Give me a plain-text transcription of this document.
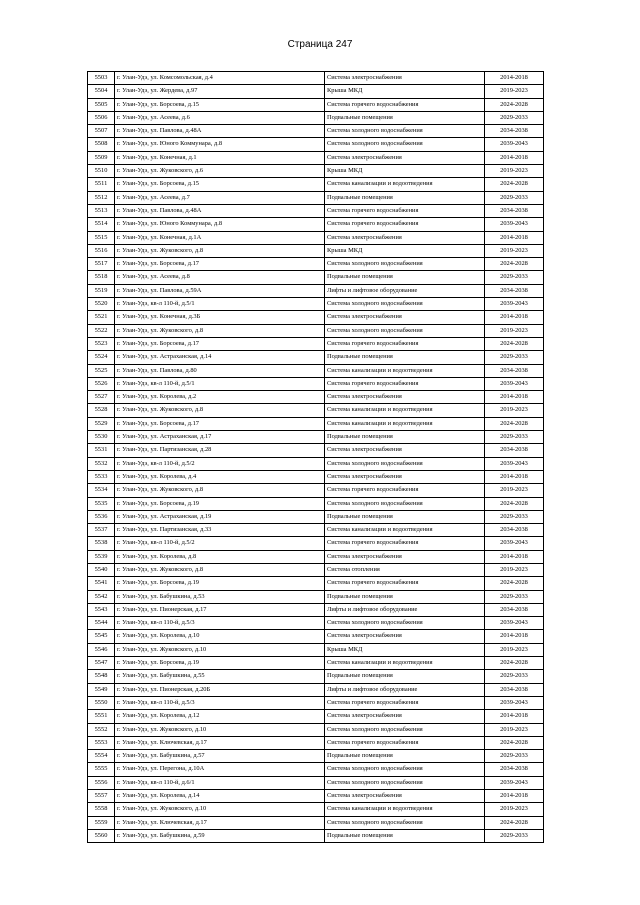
Страница 247
5503	г. Улан-Удэ, ул. Комсомольская, д.4	Система электроснабжения	2014-2018
5504	г. Улан-Удэ, ул. Жердева, д.97	Крыша МКД	2019-2023
5505	г. Улан-Удэ, ул. Борсоева, д.15	Система горячего водоснабжения	2024-2028
5506	г. Улан-Удэ, ул. Асеева, д.6	Подвальные помещения	2029-2033
5507	г. Улан-Удэ, ул. Павлова, д.48А	Система холодного водоснабжения	2034-2038
5508	г. Улан-Удэ, ул. Юного Коммунара, д.8	Система холодного водоснабжения	2039-2043
5509	г. Улан-Удэ, ул. Конечная, д.1	Система электроснабжения	2014-2018
5510	г. Улан-Удэ, ул. Жуковского, д.6	Крыша МКД	2019-2023
5511	г. Улан-Удэ, ул. Борсоева, д.15	Система канализации и водоотведения	2024-2028
5512	г. Улан-Удэ, ул. Асеева, д.7	Подвальные помещения	2029-2033
5513	г. Улан-Удэ, ул. Павлова, д.48А	Система горячего водоснабжения	2034-2038
5514	г. Улан-Удэ, ул. Юного Коммунара, д.8	Система горячего водоснабжения	2039-2043
5515	г. Улан-Удэ, ул. Конечная, д.1А	Система электроснабжения	2014-2018
5516	г. Улан-Удэ, ул. Жуковского, д.8	Крыша МКД	2019-2023
5517	г. Улан-Удэ, ул. Борсоева, д.17	Система холодного водоснабжения	2024-2028
5518	г. Улан-Удэ, ул. Асеева, д.8	Подвальные помещения	2029-2033
5519	г. Улан-Удэ, ул. Павлова, д.59А	Лифты и лифтовое оборудование	2034-2038
5520	г. Улан-Удэ, кв-л 110-й, д.5/1	Система холодного водоснабжения	2039-2043
5521	г. Улан-Удэ, ул. Конечная, д.3Б	Система электроснабжения	2014-2018
5522	г. Улан-Удэ, ул. Жуковского, д.8	Система холодного водоснабжения	2019-2023
5523	г. Улан-Удэ, ул. Борсоева, д.17	Система горячего водоснабжения	2024-2028
5524	г. Улан-Удэ, ул. Астраханская, д.14	Подвальные помещения	2029-2033
5525	г. Улан-Удэ, ул. Павлова, д.80	Система канализации и водоотведения	2034-2038
5526	г. Улан-Удэ, кв-л 110-й, д.5/1	Система горячего водоснабжения	2039-2043
5527	г. Улан-Удэ, ул. Королева, д.2	Система электроснабжения	2014-2018
5528	г. Улан-Удэ, ул. Жуковского, д.8	Система канализации и водоотведения	2019-2023
5529	г. Улан-Удэ, ул. Борсоева, д.17	Система канализации и водоотведения	2024-2028
5530	г. Улан-Удэ, ул. Астраханская, д.17	Подвальные помещения	2029-2033
5531	г. Улан-Удэ, ул. Партизанская, д.28	Система электроснабжения	2034-2038
5532	г. Улан-Удэ, кв-л 110-й, д.5/2	Система холодного водоснабжения	2039-2043
5533	г. Улан-Удэ, ул. Королева, д.4	Система электроснабжения	2014-2018
5534	г. Улан-Удэ, ул. Жуковского, д.8	Система горячего водоснабжения	2019-2023
5535	г. Улан-Удэ, ул. Борсоева, д.19	Система холодного водоснабжения	2024-2028
5536	г. Улан-Удэ, ул. Астраханская, д.19	Подвальные помещения	2029-2033
5537	г. Улан-Удэ, ул. Партизанская, д.33	Система канализации и водоотведения	2034-2038
5538	г. Улан-Удэ, кв-л 110-й, д.5/2	Система горячего водоснабжения	2039-2043
5539	г. Улан-Удэ, ул. Королева, д.8	Система электроснабжения	2014-2018
5540	г. Улан-Удэ, ул. Жуковского, д.8	Система отопления	2019-2023
5541	г. Улан-Удэ, ул. Борсоева, д.19	Система горячего водоснабжения	2024-2028
5542	г. Улан-Удэ, ул. Бабушкина, д.53	Подвальные помещения	2029-2033
5543	г. Улан-Удэ, ул. Пионерская, д.17	Лифты и лифтовое оборудование	2034-2038
5544	г. Улан-Удэ, кв-л 110-й, д.5/3	Система холодного водоснабжения	2039-2043
5545	г. Улан-Удэ, ул. Королева, д.10	Система электроснабжения	2014-2018
5546	г. Улан-Удэ, ул. Жуковского, д.10	Крыша МКД	2019-2023
5547	г. Улан-Удэ, ул. Борсоева, д.19	Система канализации и водоотведения	2024-2028
5548	г. Улан-Удэ, ул. Бабушкина, д.55	Подвальные помещения	2029-2033
5549	г. Улан-Удэ, ул. Пионерская, д.20Б	Лифты и лифтовое оборудование	2034-2038
5550	г. Улан-Удэ, кв-л 110-й, д.5/3	Система горячего водоснабжения	2039-2043
5551	г. Улан-Удэ, ул. Королева, д.12	Система электроснабжения	2014-2018
5552	г. Улан-Удэ, ул. Жуковского, д.10	Система холодного водоснабжения	2019-2023
5553	г. Улан-Удэ, ул. Ключевская, д.17	Система горячего водоснабжения	2024-2028
5554	г. Улан-Удэ, ул. Бабушкина, д.57	Подвальные помещения	2029-2033
5555	г. Улан-Удэ, ул. Перегона, д.10А	Система холодного водоснабжения	2034-2038
5556	г. Улан-Удэ, кв-л 110-й, д.6/1	Система холодного водоснабжения	2039-2043
5557	г. Улан-Удэ, ул. Королева, д.14	Система электроснабжения	2014-2018
5558	г. Улан-Удэ, ул. Жуковского, д.10	Система канализации и водоотведения	2019-2023
5559	г. Улан-Удэ, ул. Ключевская, д.17	Система холодного водоснабжения	2024-2028
5560	г. Улан-Удэ, ул. Бабушкина, д.59	Подвальные помещения	2029-2033
